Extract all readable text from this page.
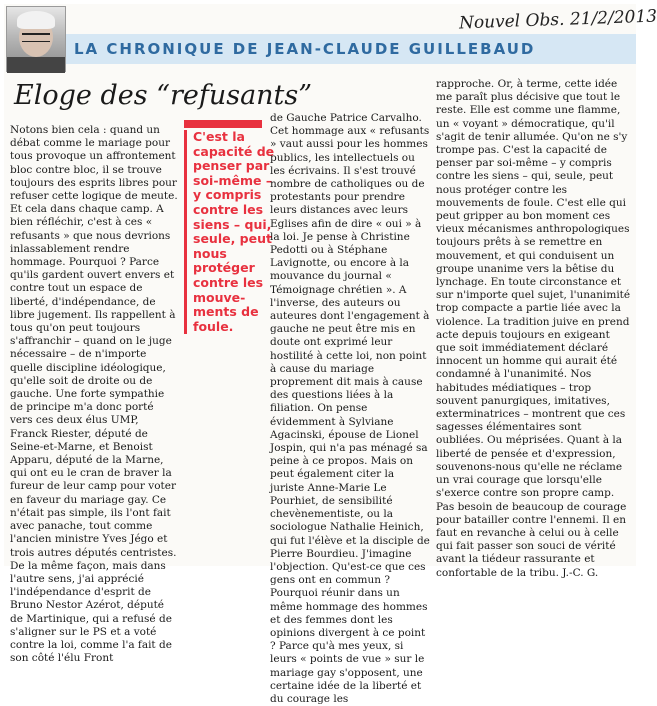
LA CHRONIQUE DE JEAN-CLAUDE GUILLEBAUD
Nouvel Obs. 21/2/2013
Eloge des “refusants”

Notons bien cela : quand un débat comme le mariage pour tous provoque un affrontement bloc contre bloc, il se trouve toujours des esprits libres pour refuser cette logique de meute. Et cela dans chaque camp. A bien réfléchir, c'est à ces « refusants » que nous devrions inlassablement rendre hommage. Pourquoi ? Parce qu'ils gardent ouvert envers et contre tout un espace de liberté, d'indépendance, de libre jugement. Ils rappellent à tous qu'on peut toujours s'affranchir – quand on le juge nécessaire – de n'importe quelle discipline idéologique, qu'elle soit de droite ou de gauche. Une forte sympathie de principe m'a donc porté vers ces deux élus UMP, Franck Riester, député de Seine-et-Marne, et Benoist Apparu, député de la Marne, qui ont eu le cran de braver la fureur de leur camp pour voter en faveur du mariage gay. Ce n'était pas simple, ils l'ont fait avec panache, tout comme l'ancien ministre Yves Jégo et trois autres députés centristes. De la même façon, mais dans l'autre sens, j'ai apprécié l'indépendance d'esprit de Bruno Nestor Azérot, député de Martinique, qui a refusé de s'aligner sur le PS et a voté contre la loi, comme l'a fait de son côté l'élu Front

C'est la capacité de penser par soi-même – y compris contre les siens – qui, seule, peut nous protéger contre les mouve-ments de foule.

de Gauche Patrice Carvalho. Cet hommage aux « refusants » vaut aussi pour les hommes publics, les intellectuels ou les écrivains. Il s'est trouvé nombre de catholiques ou de protestants pour prendre leurs distances avec leurs Eglises afin de dire « oui » à la loi. Je pense à Christine Pedotti ou à Stéphane Lavignotte, ou encore à la mouvance du journal « Témoignage chrétien ». A l'inverse, des auteurs ou auteures dont l'engagement à gauche ne peut être mis en doute ont exprimé leur hostilité à cette loi, non point à cause du mariage proprement dit mais à cause des questions liées à la filiation. On pense évidemment à Sylviane Agacinski, épouse de Lionel Jospin, qui n'a pas ménagé sa peine à ce propos. Mais on peut également citer la juriste Anne-Marie Le Pourhiet, de sensibilité chevènementiste, ou la sociologue Nathalie Heinich, qui fut l'élève et la disciple de Pierre Bourdieu. J'imagine l'objection. Qu'est-ce que ces gens ont en commun ? Pourquoi réunir dans un même hommage des hommes et des femmes dont les opinions divergent à ce point ? Parce qu'à mes yeux, si leurs « points de vue » sur le mariage gay s'opposent, une certaine idée de la liberté et du courage les

rapproche. Or, à terme, cette idée me paraît plus décisive que tout le reste. Elle est comme une flamme, un « voyant » démocratique, qu'il s'agit de tenir allumée. Qu'on ne s'y trompe pas. C'est la capacité de penser par soi-même – y compris contre les siens – qui, seule, peut nous protéger contre les mouvements de foule. C'est elle qui peut gripper au bon moment ces vieux mécanismes anthropologiques toujours prêts à se remettre en mouvement, et qui conduisent un groupe unanime vers la bêtise du lynchage. En toute circonstance et sur n'importe quel sujet, l'unanimité trop compacte a partie liée avec la violence. La tradition juive en prend acte depuis toujours en exigeant que soit immédiatement déclaré innocent un homme qui aurait été condamné à l'unanimité. Nos habitudes médiatiques – trop souvent panurgiques, imitatives, exterminatrices – montrent que ces sagesses élémentaires sont oubliées. Ou méprisées. Quant à la liberté de pensée et d'expression, souvenons-nous qu'elle ne réclame un vrai courage que lorsqu'elle s'exerce contre son propre camp. Pas besoin de beaucoup de courage pour batailler contre l'ennemi. Il en faut en revanche à celui ou à celle qui fait passer son souci de vérité avant la tiédeur rassurante et confortable de la tribu. J.-C. G.
